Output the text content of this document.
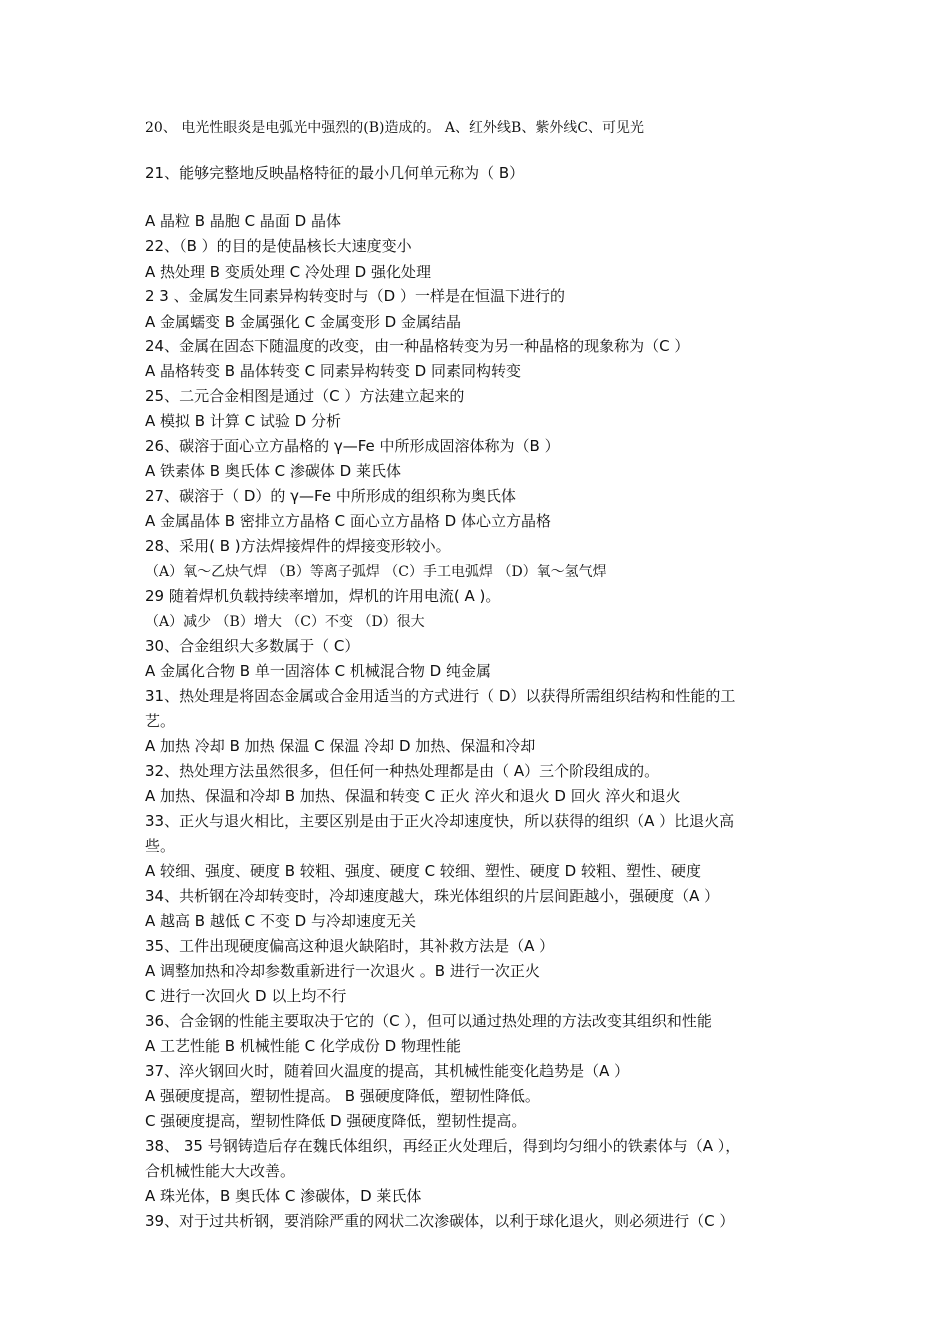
20、 电光性眼炎是电弧光中强烈的(B)造成的。 A、红外线B、紫外线C、可见光
21、能够完整地反映晶格特征的最小几何单元称为（ B）
A 晶粒 B 晶胞 C 晶面 D 晶体
22、（B ）的目的是使晶核长大速度变小
A 热处理 B 变质处理 C 冷处理 D 强化处理
2 3 、金属发生同素异构转变时与（D ）一样是在恒温下进行的
A 金属蠕变 B 金属强化 C 金属变形 D 金属结晶
24、金属在固态下随温度的改变，由一种晶格转变为另一种晶格的现象称为（C ）
A 晶格转变 B 晶体转变 C 同素异构转变 D 同素同构转变
25、二元合金相图是通过（C ）方法建立起来的
A 模拟 B 计算 C 试验 D 分析
26、碳溶于面心立方晶格的 γ—Fe 中所形成固溶体称为（B ）
A 铁素体 B 奥氏体 C 渗碳体 D 莱氏体
27、碳溶于（ D）的 γ—Fe 中所形成的组织称为奥氏体
A 金属晶体 B 密排立方晶格 C 面心立方晶格 D 体心立方晶格
28、采用( B )方法焊接焊件的焊接变形较小。
（A）氧～乙炔气焊 （B）等离子弧焊 （C）手工电弧焊 （D）氧～氢气焊
29 随着焊机负载持续率增加，焊机的许用电流( A )。
（A）减少 （B）增大 （C）不变 （D）很大
30、合金组织大多数属于（ C）
A 金属化合物 B 单一固溶体 C 机械混合物 D 纯金属
31、热处理是将固态金属或合金用适当的方式进行（ D）以获得所需组织结构和性能的工
艺。
A 加热 冷却 B 加热 保温 C 保温 冷却 D 加热、保温和冷却
32、热处理方法虽然很多，但任何一种热处理都是由（ A）三个阶段组成的。
A 加热、保温和冷却 B 加热、保温和转变 C 正火 淬火和退火 D 回火 淬火和退火
33、正火与退火相比，主要区别是由于正火冷却速度快，所以获得的组织（A ）比退火高
些。
A 较细、强度、硬度 B 较粗、强度、硬度 C 较细、塑性、硬度 D 较粗、塑性、硬度
34、共析钢在冷却转变时，冷却速度越大，珠光体组织的片层间距越小，强硬度（A ）
A 越高 B 越低 C 不变 D 与冷却速度无关
35、工件出现硬度偏高这种退火缺陷时，其补救方法是（A ）
A 调整加热和冷却参数重新进行一次退火 。B 进行一次正火
C 进行一次回火 D 以上均不行
36、合金钢的性能主要取决于它的（C ），但可以通过热处理的方法改变其组织和性能
A 工艺性能 B 机械性能 C 化学成份 D 物理性能
37、淬火钢回火时，随着回火温度的提高，其机械性能变化趋势是（A ）
A 强硬度提高，塑韧性提高。 B 强硬度降低，塑韧性降低。
C 强硬度提高，塑韧性降低 D 强硬度降低，塑韧性提高。
38、 35 号钢铸造后存在魏氏体组织，再经正火处理后，得到均匀细小的铁素体与（A ），
合机械性能大大改善。
A 珠光体，B 奥氏体 C 渗碳体，D 莱氏体
39、对于过共析钢，要消除严重的网状二次渗碳体，以利于球化退火，则必须进行（C ）
